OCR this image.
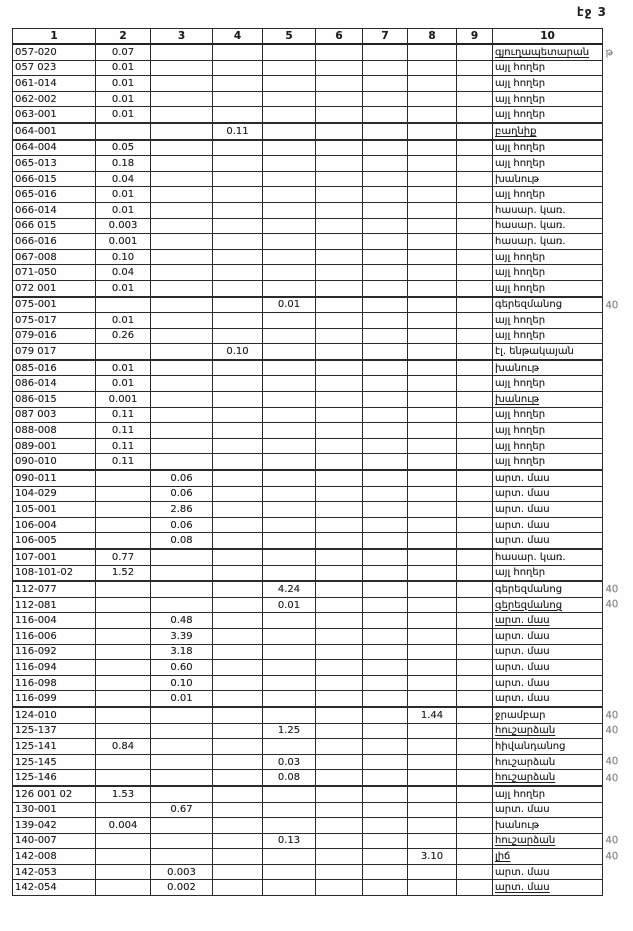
էջ 3
1	2	3	4	5	6	7	8	9	10	
057-020	0.07								գյուղապետարան	թ
057 023	0.01								այլ հողեր	
061-014	0.01								այլ հողեր	
062-002	0.01								այլ հողեր	
063-001	0.01								այլ հողեր	
064-001			0.11						բաղնիք	
064-004	0.05								այլ հողեր	
065-013	0.18								այլ հողեր	
066-015	0.04								խանութ	
065-016	0.01								այլ հողեր	
066-014	0.01								հասար. կառ.	
066 015	0.003								հասար. կառ.	
066-016	0.001								հասար. կառ.	
067-008	0.10								այլ հողեր	
071-050	0.04								այլ հողեր	
072 001	0.01								այլ հողեր	
075-001				0.01					գերեզմանոց	40
075-017	0.01								այլ հողեր	
079-016	0.26								այլ հողեր	
079 017			0.10						էլ. ենթակայան	
085-016	0.01								խանութ	
086-014	0.01								այլ հողեր	
086-015	0.001								խանութ	
087 003	0.11								այլ հողեր	
088-008	0.11								այլ հողեր	
089-001	0.11								այլ հողեր	
090-010	0.11								այլ հողեր	
090-011		0.06							արտ. մաս	
104-029		0.06							արտ. մաս	
105-001		2.86							արտ. մաս	
106-004		0.06							արտ. մաս	
106-005		0.08							արտ. մաս	
107-001	0.77								հասար. կառ.	
108-101-02	1.52								այլ հողեր	
112-077				4.24					գերեզմանոց	40
112-081				0.01					գերեզմանոց	40
116-004		0.48							արտ. մաս	
116-006		3.39							արտ. մաս	
116-092		3.18							արտ. մաս	
116-094		0.60							արտ. մաս	
116-098		0.10							արտ. մաս	
116-099		0.01							արտ. մաս	
124-010							1.44		ջրամբար	40
125-137				1.25					հուշարձան	40
125-141	0.84								հիվանդանոց	
125-145				0.03					հուշարձան	40
125-146				0.08					հուշարձան	40
126 001 02	1.53								այլ հողեր	
130-001		0.67							արտ. մաս	
139-042	0.004								խանութ	
140-007				0.13					հուշարձան	40
142-008							3.10		լիճ	40
142-053		0.003							արտ. մաս	
142-054		0.002							արտ. մաս	
